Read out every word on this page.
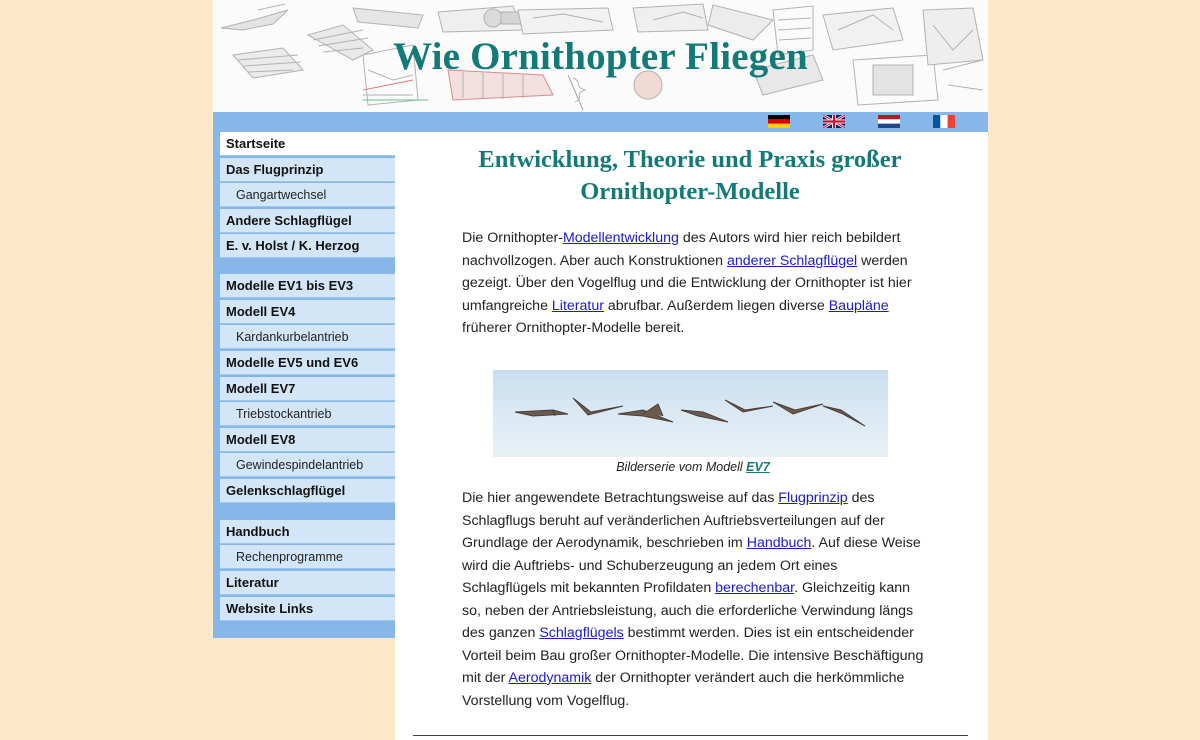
Wie Ornithopter Fliegen
Startseite
Das Flugprinzip
Gangartwechsel
Andere Schlagflügel
E. v. Holst / K. Herzog
Modelle EV1 bis EV3
Modell EV4
Kardankurbelantrieb
Modelle EV5 und EV6
Modell EV7
Triebstockantrieb
Modell EV8
Gewindespindelantrieb
Gelenkschlagflügel
Handbuch
Rechenprogramme
Literatur
Website Links
Entwicklung, Theorie und Praxis großer Ornithopter-Modelle
Die Ornithopter-Modellentwicklung des Autors wird hier reich bebildert nachvollzogen. Aber auch Konstruktionen anderer Schlagflügel werden gezeigt. Über den Vogelflug und die Entwicklung der Ornithopter ist hier umfangreiche Literatur abrufbar. Außerdem liegen diverse Baupläne früherer Ornithopter-Modelle bereit.
Bilderserie vom Modell EV7
Die hier angewendete Betrachtungsweise auf das Flugprinzip des Schlagflugs beruht auf veränderlichen Auftriebsverteilungen auf der Grundlage der Aerodynamik, beschrieben im Handbuch. Auf diese Weise wird die Auftriebs- und Schuberzeugung an jedem Ort eines Schlagflügels mit bekannten Profildaten berechenbar. Gleichzeitig kann so, neben der Antriebsleistung, auch die erforderliche Verwindung längs des ganzen Schlagflügels bestimmt werden. Dies ist ein entscheidender Vorteil beim Bau großer Ornithopter-Modelle. Die intensive Beschäftigung mit der Aerodynamik der Ornithopter verändert auch die herkömmliche Vorstellung vom Vogelflug.
